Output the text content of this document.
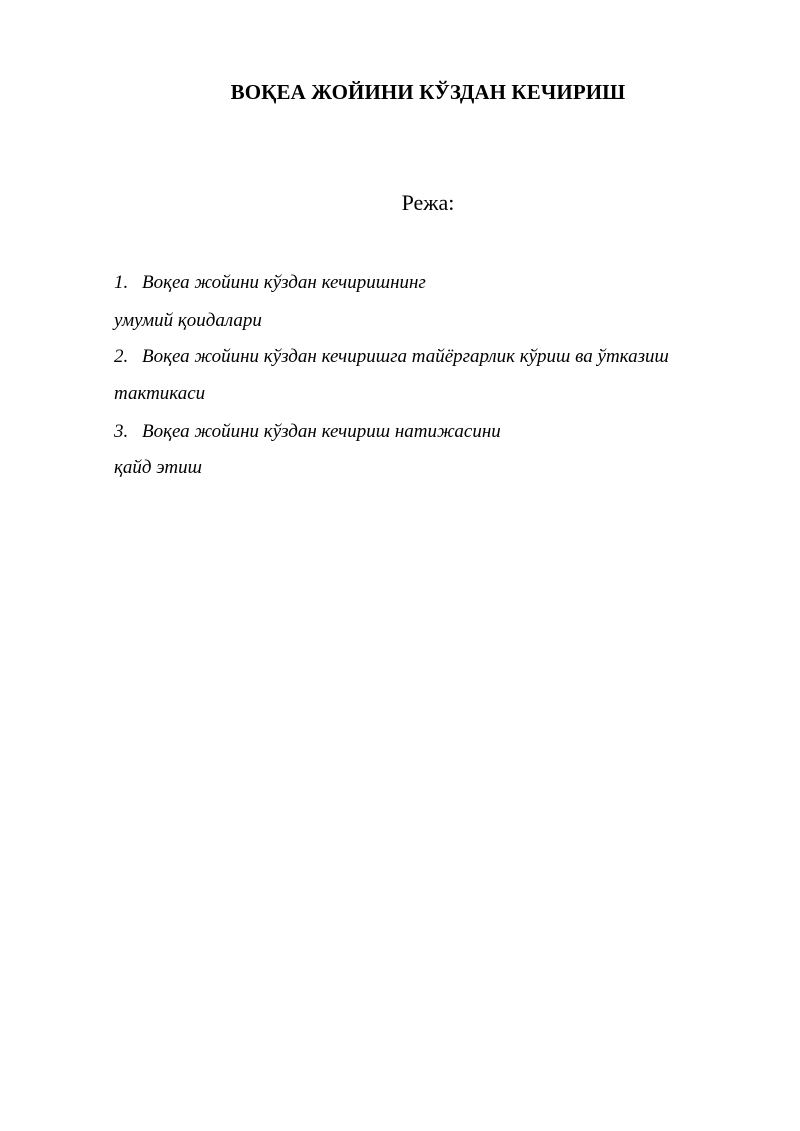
ВОҚЕА ЖОЙИНИ КЎЗДАН КЕЧИРИШ
Режа:
1. Воқеа жойини кўздан кечиришнинг
умумий қоидалари
2. Воқеа жойини кўздан кечиришга тайёргарлик кўриш ва ўтказиш
тактикаси
3. Воқеа жойини кўздан кечириш натижасини
қайд этиш
